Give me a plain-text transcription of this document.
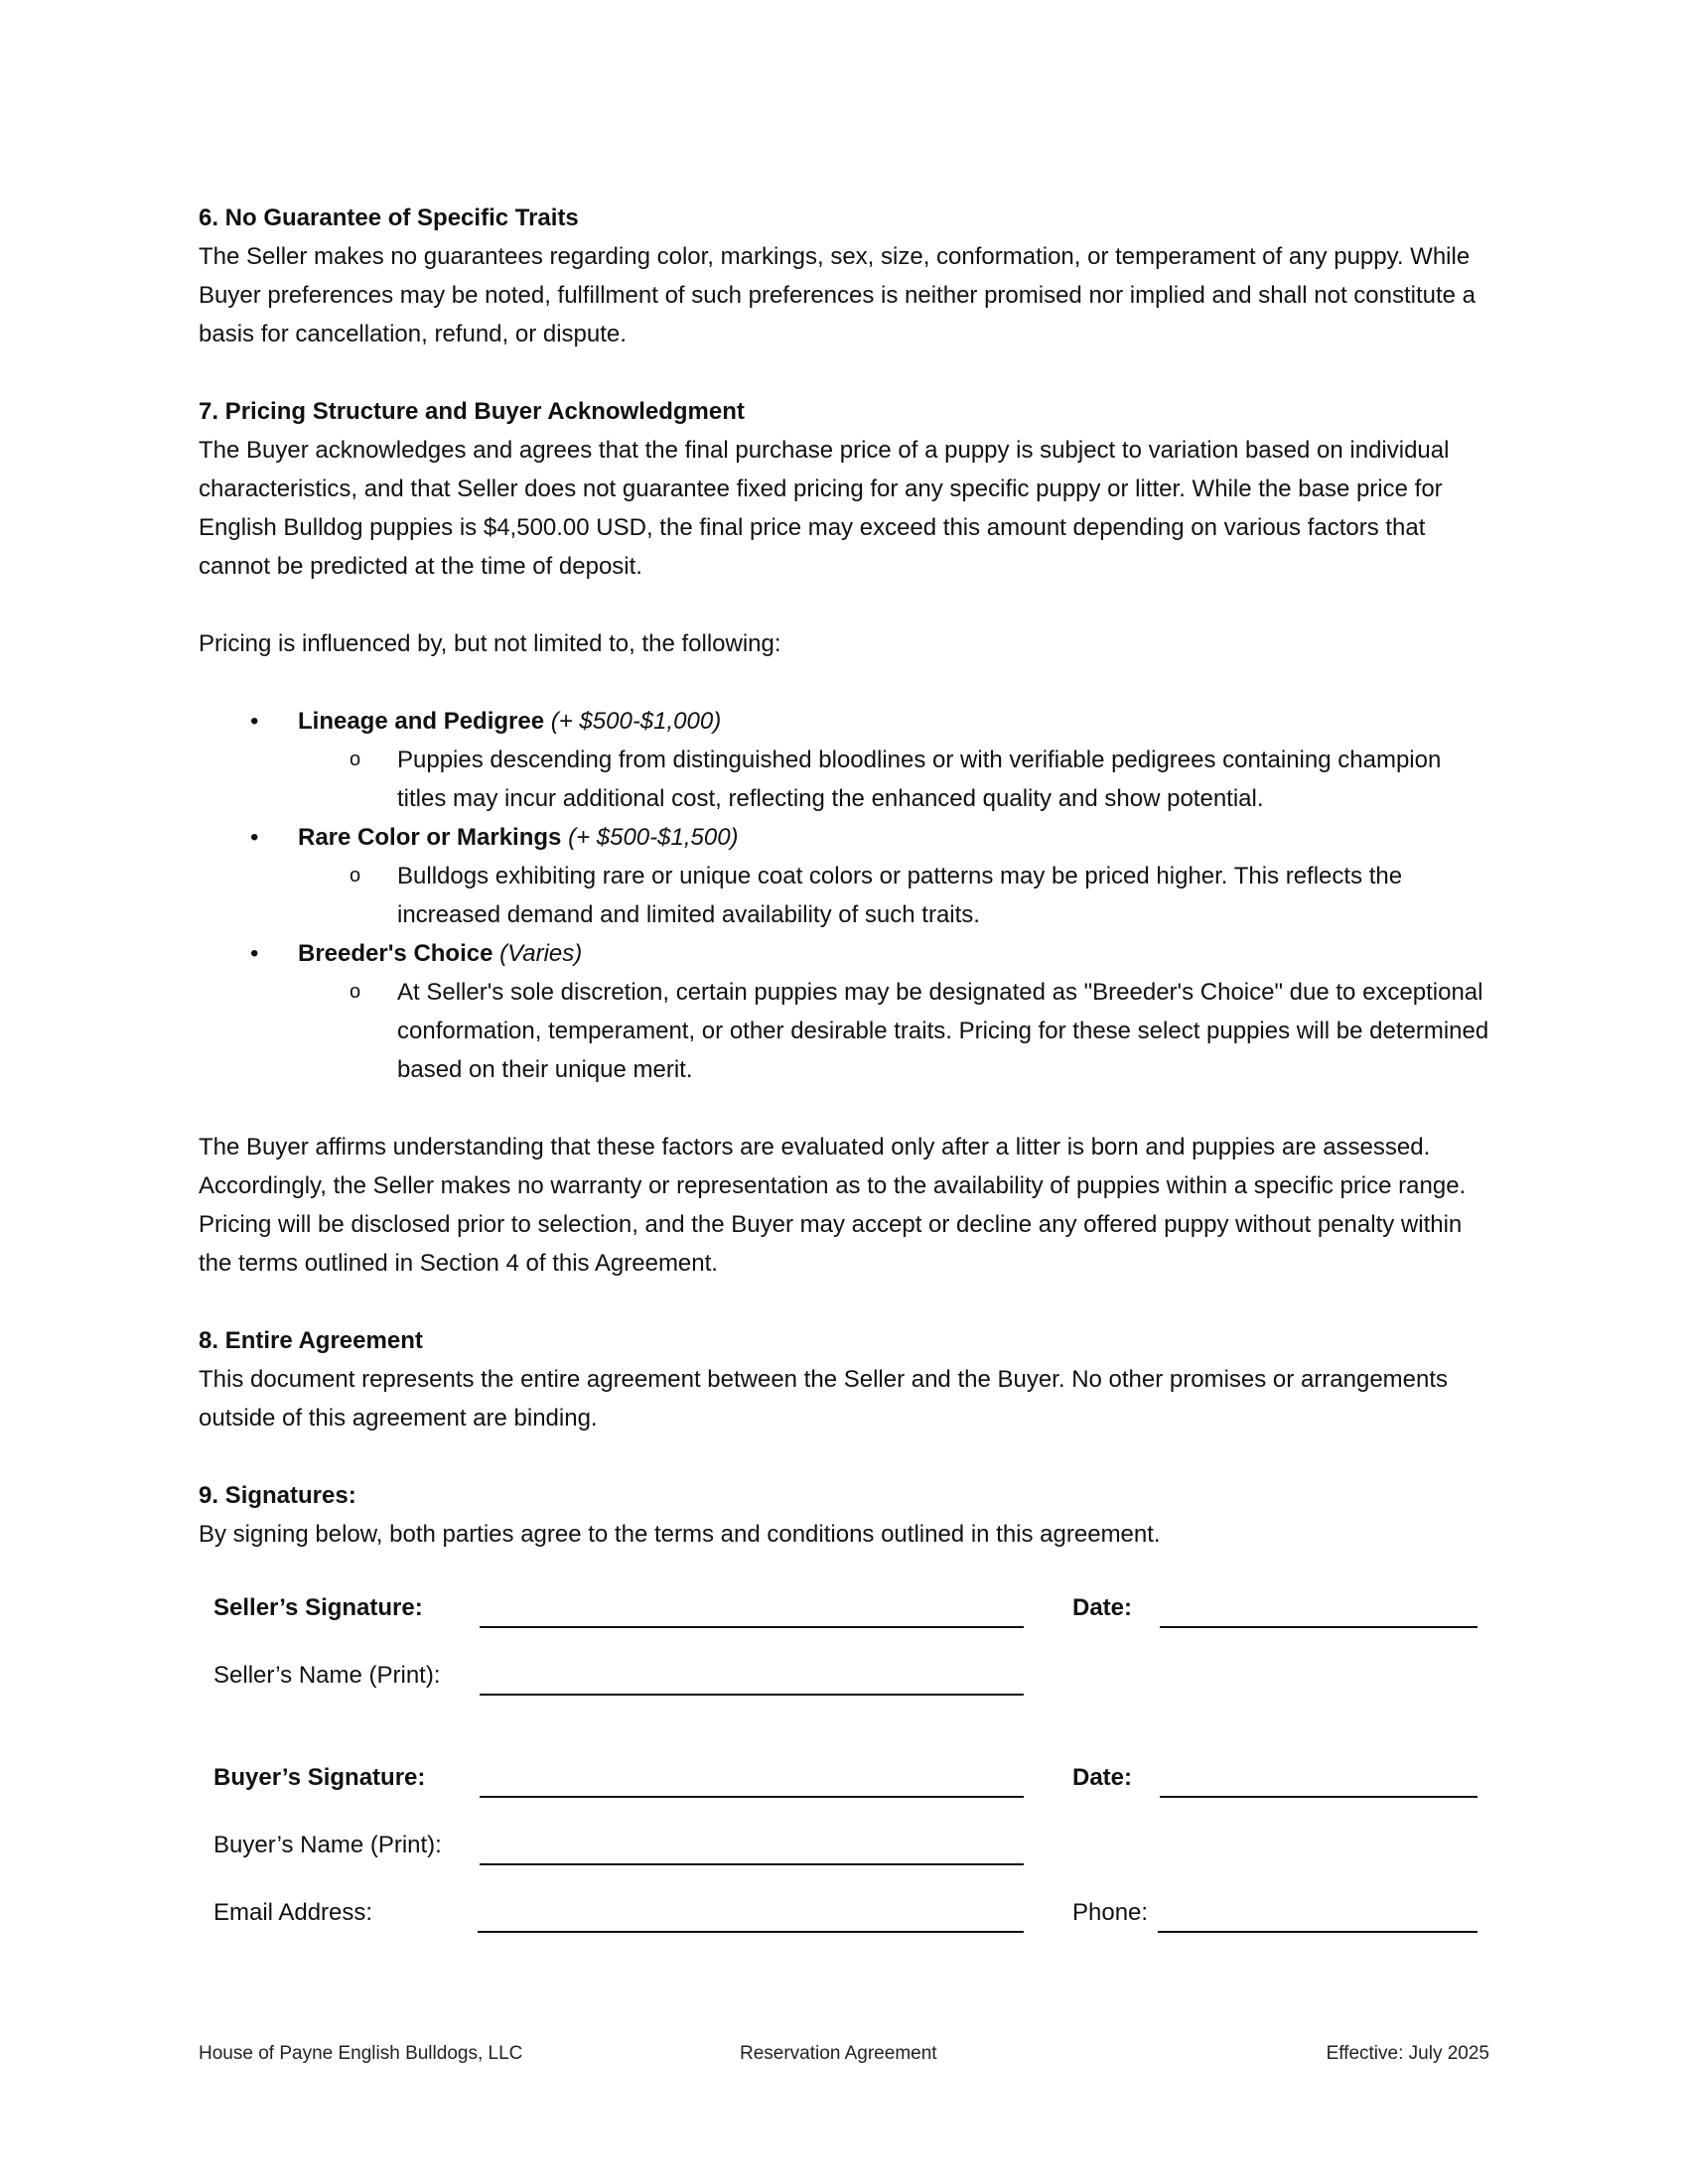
6. No Guarantee of Specific Traits

The Seller makes no guarantees regarding color, markings, sex, size, conformation, or temperament of any puppy. While Buyer preferences may be noted, fulfillment of such preferences is neither promised nor implied and shall not constitute a basis for cancellation, refund, or dispute.

7. Pricing Structure and Buyer Acknowledgment

The Buyer acknowledges and agrees that the final purchase price of a puppy is subject to variation based on individual characteristics, and that Seller does not guarantee fixed pricing for any specific puppy or litter. While the base price for English Bulldog puppies is $4,500.00 USD, the final price may exceed this amount depending on various factors that cannot be predicted at the time of deposit.

Pricing is influenced by, but not limited to, the following:

• Lineage and Pedigree (+ $500-$1,000)
o Puppies descending from distinguished bloodlines or with verifiable pedigrees containing champion titles may incur additional cost, reflecting the enhanced quality and show potential.
• Rare Color or Markings (+ $500-$1,500)
o Bulldogs exhibiting rare or unique coat colors or patterns may be priced higher. This reflects the increased demand and limited availability of such traits.
• Breeder's Choice (Varies)
o At Seller's sole discretion, certain puppies may be designated as "Breeder's Choice" due to exceptional conformation, temperament, or other desirable traits. Pricing for these select puppies will be determined based on their unique merit.

The Buyer affirms understanding that these factors are evaluated only after a litter is born and puppies are assessed. Accordingly, the Seller makes no warranty or representation as to the availability of puppies within a specific price range. Pricing will be disclosed prior to selection, and the Buyer may accept or decline any offered puppy without penalty within the terms outlined in Section 4 of this Agreement.

8. Entire Agreement

This document represents the entire agreement between the Seller and the Buyer. No other promises or arrangements outside of this agreement are binding.

9. Signatures:

By signing below, both parties agree to the terms and conditions outlined in this agreement.

Seller’s Signature:	Date:
Seller’s Name (Print):
Buyer’s Signature:	Date:
Buyer’s Name (Print):
Email Address:	Phone:
House of Payne English Bulldogs, LLC	Reservation Agreement	Effective: July 2025
